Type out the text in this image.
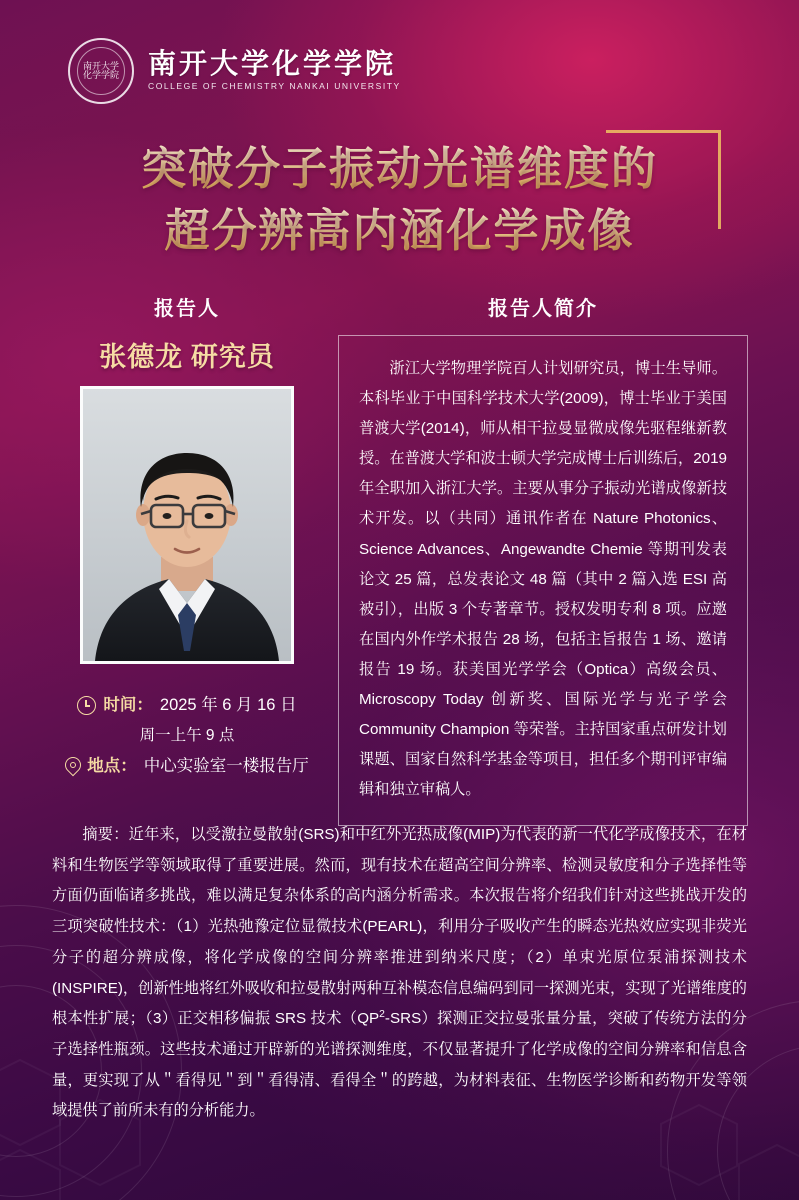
南开大学化学学院 南开大学化学学院
COLLEGE OF CHEMISTRY NANKAI UNIVERSITY
突破分子振动光谱维度的
超分辨高内涵化学成像
报告人
张德龙 研究员
时间： 2025 年 6 月 16 日
周一上午 9 点
地点： 中心实验室一楼报告厅
报告人简介
浙江大学物理学院百人计划研究员，博士生导师。本科毕业于中国科学技术大学(2009)，博士毕业于美国普渡大学(2014)，师从相干拉曼显微成像先驱程继新教授。在普渡大学和波士顿大学完成博士后训练后，2019 年全职加入浙江大学。主要从事分子振动光谱成像新技术开发。以（共同）通讯作者在 Nature Photonics、Science Advances、Angewandte Chemie 等期刊发表论文 25 篇，总发表论文 48 篇（其中 2 篇入选 ESI 高被引），出版 3 个专著章节。授权发明专利 8 项。应邀在国内外作学术报告 28 场，包括主旨报告 1 场、邀请报告 19 场。获美国光学学会（Optica）高级会员、Microscopy Today 创新奖、国际光学与光子学会 Community Champion 等荣誉。主持国家重点研发计划课题、国家自然科学基金等项目，担任多个期刊评审编辑和独立审稿人。
摘要：近年来，以受激拉曼散射(SRS)和中红外光热成像(MIP)为代表的新一代化学成像技术，在材料和生物医学等领域取得了重要进展。然而，现有技术在超高空间分辨率、检测灵敏度和分子选择性等方面仍面临诸多挑战，难以满足复杂体系的高内涵分析需求。本次报告将介绍我们针对这些挑战开发的三项突破性技术：（1）光热弛豫定位显微技术(PEARL)，利用分子吸收产生的瞬态光热效应实现非荧光分子的超分辨成像，将化学成像的空间分辨率推进到纳米尺度；（2）单束光原位泵浦探测技术 (INSPIRE)，创新性地将红外吸收和拉曼散射两种互补模态信息编码到同一探测光束，实现了光谱维度的根本性扩展；（3）正交相移偏振 SRS 技术$(QP^2-SRS)$探测正交拉曼张量分量，突破了传统方法的分子选择性瓶颈。这些技术通过开辟新的光谱探测维度，不仅显著提升了化学成像的空间分辨率和信息含量，更实现了从＂看得见＂到＂看得清、看得全＂的跨越，为材料表征、生物医学诊断和药物开发等领域提供了前所未有的分析能力。
